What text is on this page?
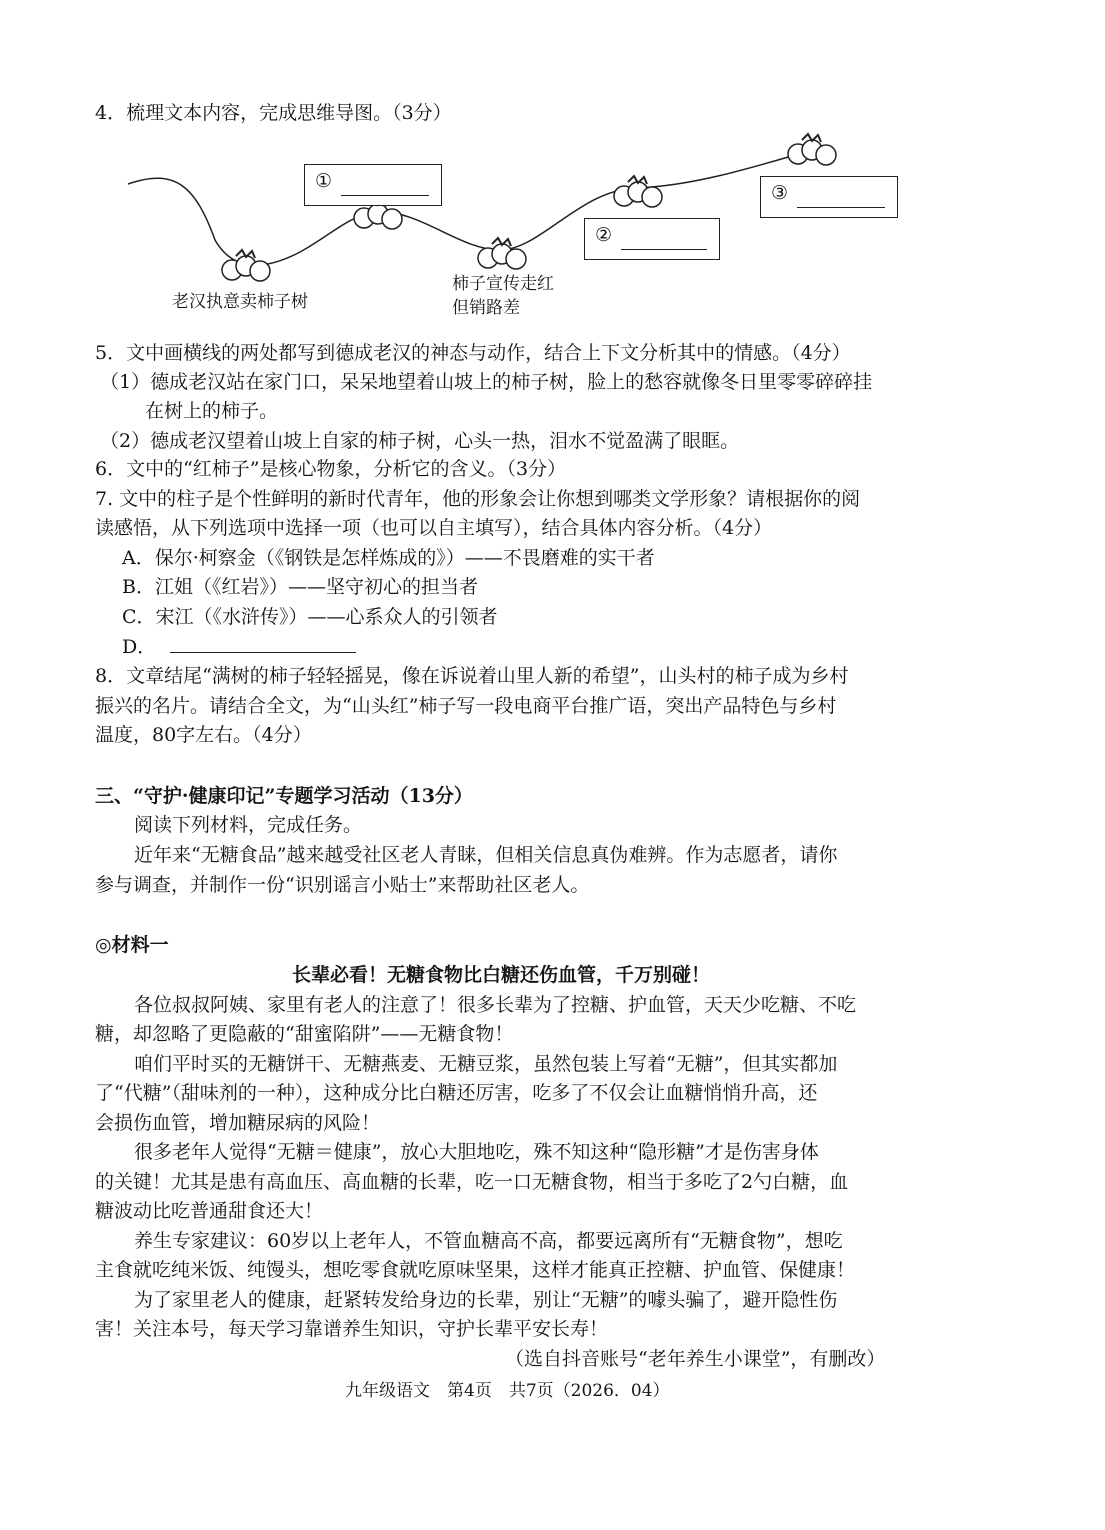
4．梳理文本内容，完成思维导图。（3分）
①
②
③
老汉执意卖柿子树
柿子宣传走红
但销路差
5．文中画横线的两处都写到德成老汉的神态与动作，结合上下文分析其中的情感。（4分）
（1）德成老汉站在家门口，呆呆地望着山坡上的柿子树，脸上的愁容就像冬日里零零碎碎挂
在树上的柿子。
（2）德成老汉望着山坡上自家的柿子树，心头一热，泪水不觉盈满了眼眶。
6．文中的“红柿子”是核心物象，分析它的含义。（3分）
7. 文中的柱子是个性鲜明的新时代青年，他的形象会让你想到哪类文学形象？请根据你的阅
读感悟，从下列选项中选择一项（也可以自主填写），结合具体内容分析。（4分）
A．保尔·柯察金（《钢铁是怎样炼成的》）——不畏磨难的实干者
B．江姐（《红岩》）——坚守初心的担当者
C．宋江（《水浒传》）——心系众人的引领者
D．
8．文章结尾“满树的柿子轻轻摇晃，像在诉说着山里人新的希望”，山头村的柿子成为乡村
振兴的名片。请结合全文，为“山头红”柿子写一段电商平台推广语，突出产品特色与乡村
温度，80字左右。（4分）
三、“守护·健康印记”专题学习活动（13分）
阅读下列材料，完成任务。
近年来“无糖食品”越来越受社区老人青睐，但相关信息真伪难辨。作为志愿者，请你
参与调查，并制作一份“识别谣言小贴士”来帮助社区老人。
◎材料一
长辈必看！无糖食物比白糖还伤血管，千万别碰！
各位叔叔阿姨、家里有老人的注意了！很多长辈为了控糖、护血管，天天少吃糖、不吃
糖，却忽略了更隐蔽的“甜蜜陷阱”——无糖食物！
咱们平时买的无糖饼干、无糖燕麦、无糖豆浆，虽然包装上写着“无糖”，但其实都加
了“代糖”（甜味剂的一种），这种成分比白糖还厉害，吃多了不仅会让血糖悄悄升高，还
会损伤血管，增加糖尿病的风险！
很多老年人觉得“无糖＝健康”，放心大胆地吃，殊不知这种“隐形糖”才是伤害身体
的关键！尤其是患有高血压、高血糖的长辈，吃一口无糖食物，相当于多吃了2勺白糖，血
糖波动比吃普通甜食还大！
养生专家建议：60岁以上老年人，不管血糖高不高，都要远离所有“无糖食物”，想吃
主食就吃纯米饭、纯馒头，想吃零食就吃原味坚果，这样才能真正控糖、护血管、保健康！
为了家里老人的健康，赶紧转发给身边的长辈，别让“无糖”的噱头骗了，避开隐性伤
害！关注本号，每天学习靠谱养生知识，守护长辈平安长寿！
（选自抖音账号“老年养生小课堂”，有删改）
九年级语文　第4页　共7页（2026．04）
